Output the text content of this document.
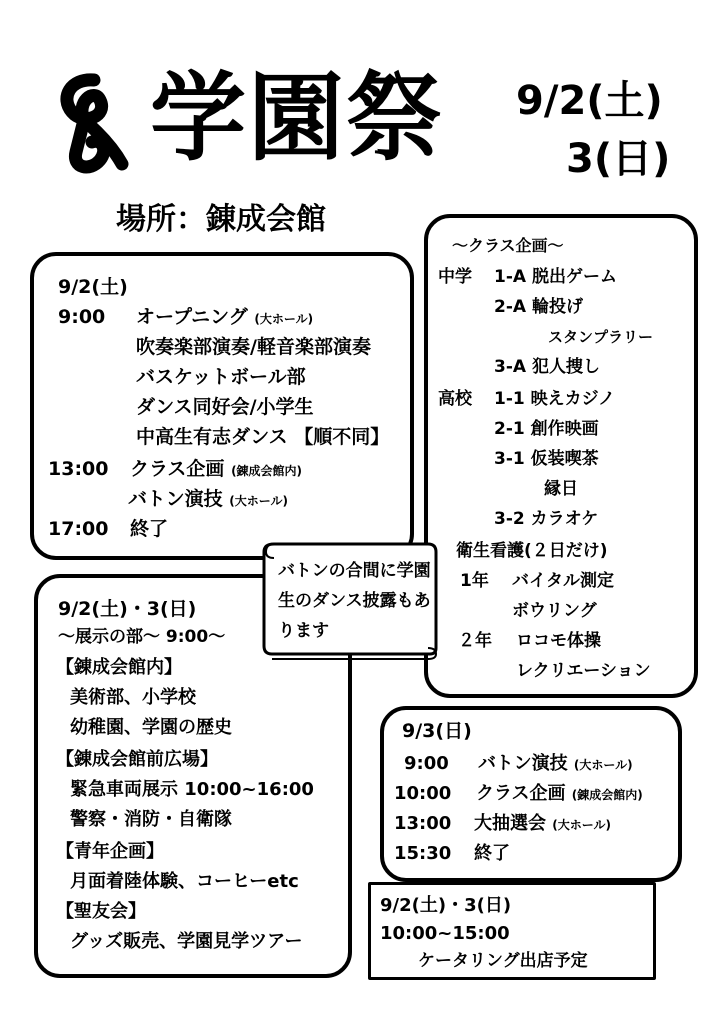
学園祭 9/2(土)
3(日)
場所：錬成会館
9/2(土)
9:00 オープニング (大ホール)
吹奏楽部演奏/軽音楽部演奏
バスケットボール部
ダンス同好会/小学生
中高生有志ダンス 【順不同】
13:00 クラス企画 (錬成会館内)
バトン演技 (大ホール)
17:00 終了
～クラス企画～
中学 1-A 脱出ゲーム
2-A 輪投げ
スタンプラリー
3-A 犯人捜し
高校 1-1 映えカジノ
2-1 創作映画
3-1 仮装喫茶
縁日
3-2 カラオケ
衛生看護(２日だけ)
1年 バイタル測定
ボウリング
２年 ロコモ体操
レクリエーション
9/2(土)・3(日)
～展示の部～ 9:00～
【錬成会館内】
美術部、小学校
幼稚園、学園の歴史
【錬成会館前広場】
緊急車両展示 10:00~16:00
警察・消防・自衛隊
【青年企画】
月面着陸体験、コーヒーetc
【聖友会】
グッズ販売、学園見学ツアー
バトンの合間に学園生のダンス披露もあります
9/3(日)
9:00 バトン演技 (大ホール)
10:00 クラス企画 (錬成会館内)
13:00 大抽選会 (大ホール)
15:30 終了
9/2(土)・3(日)
10:00~15:00
ケータリング出店予定
